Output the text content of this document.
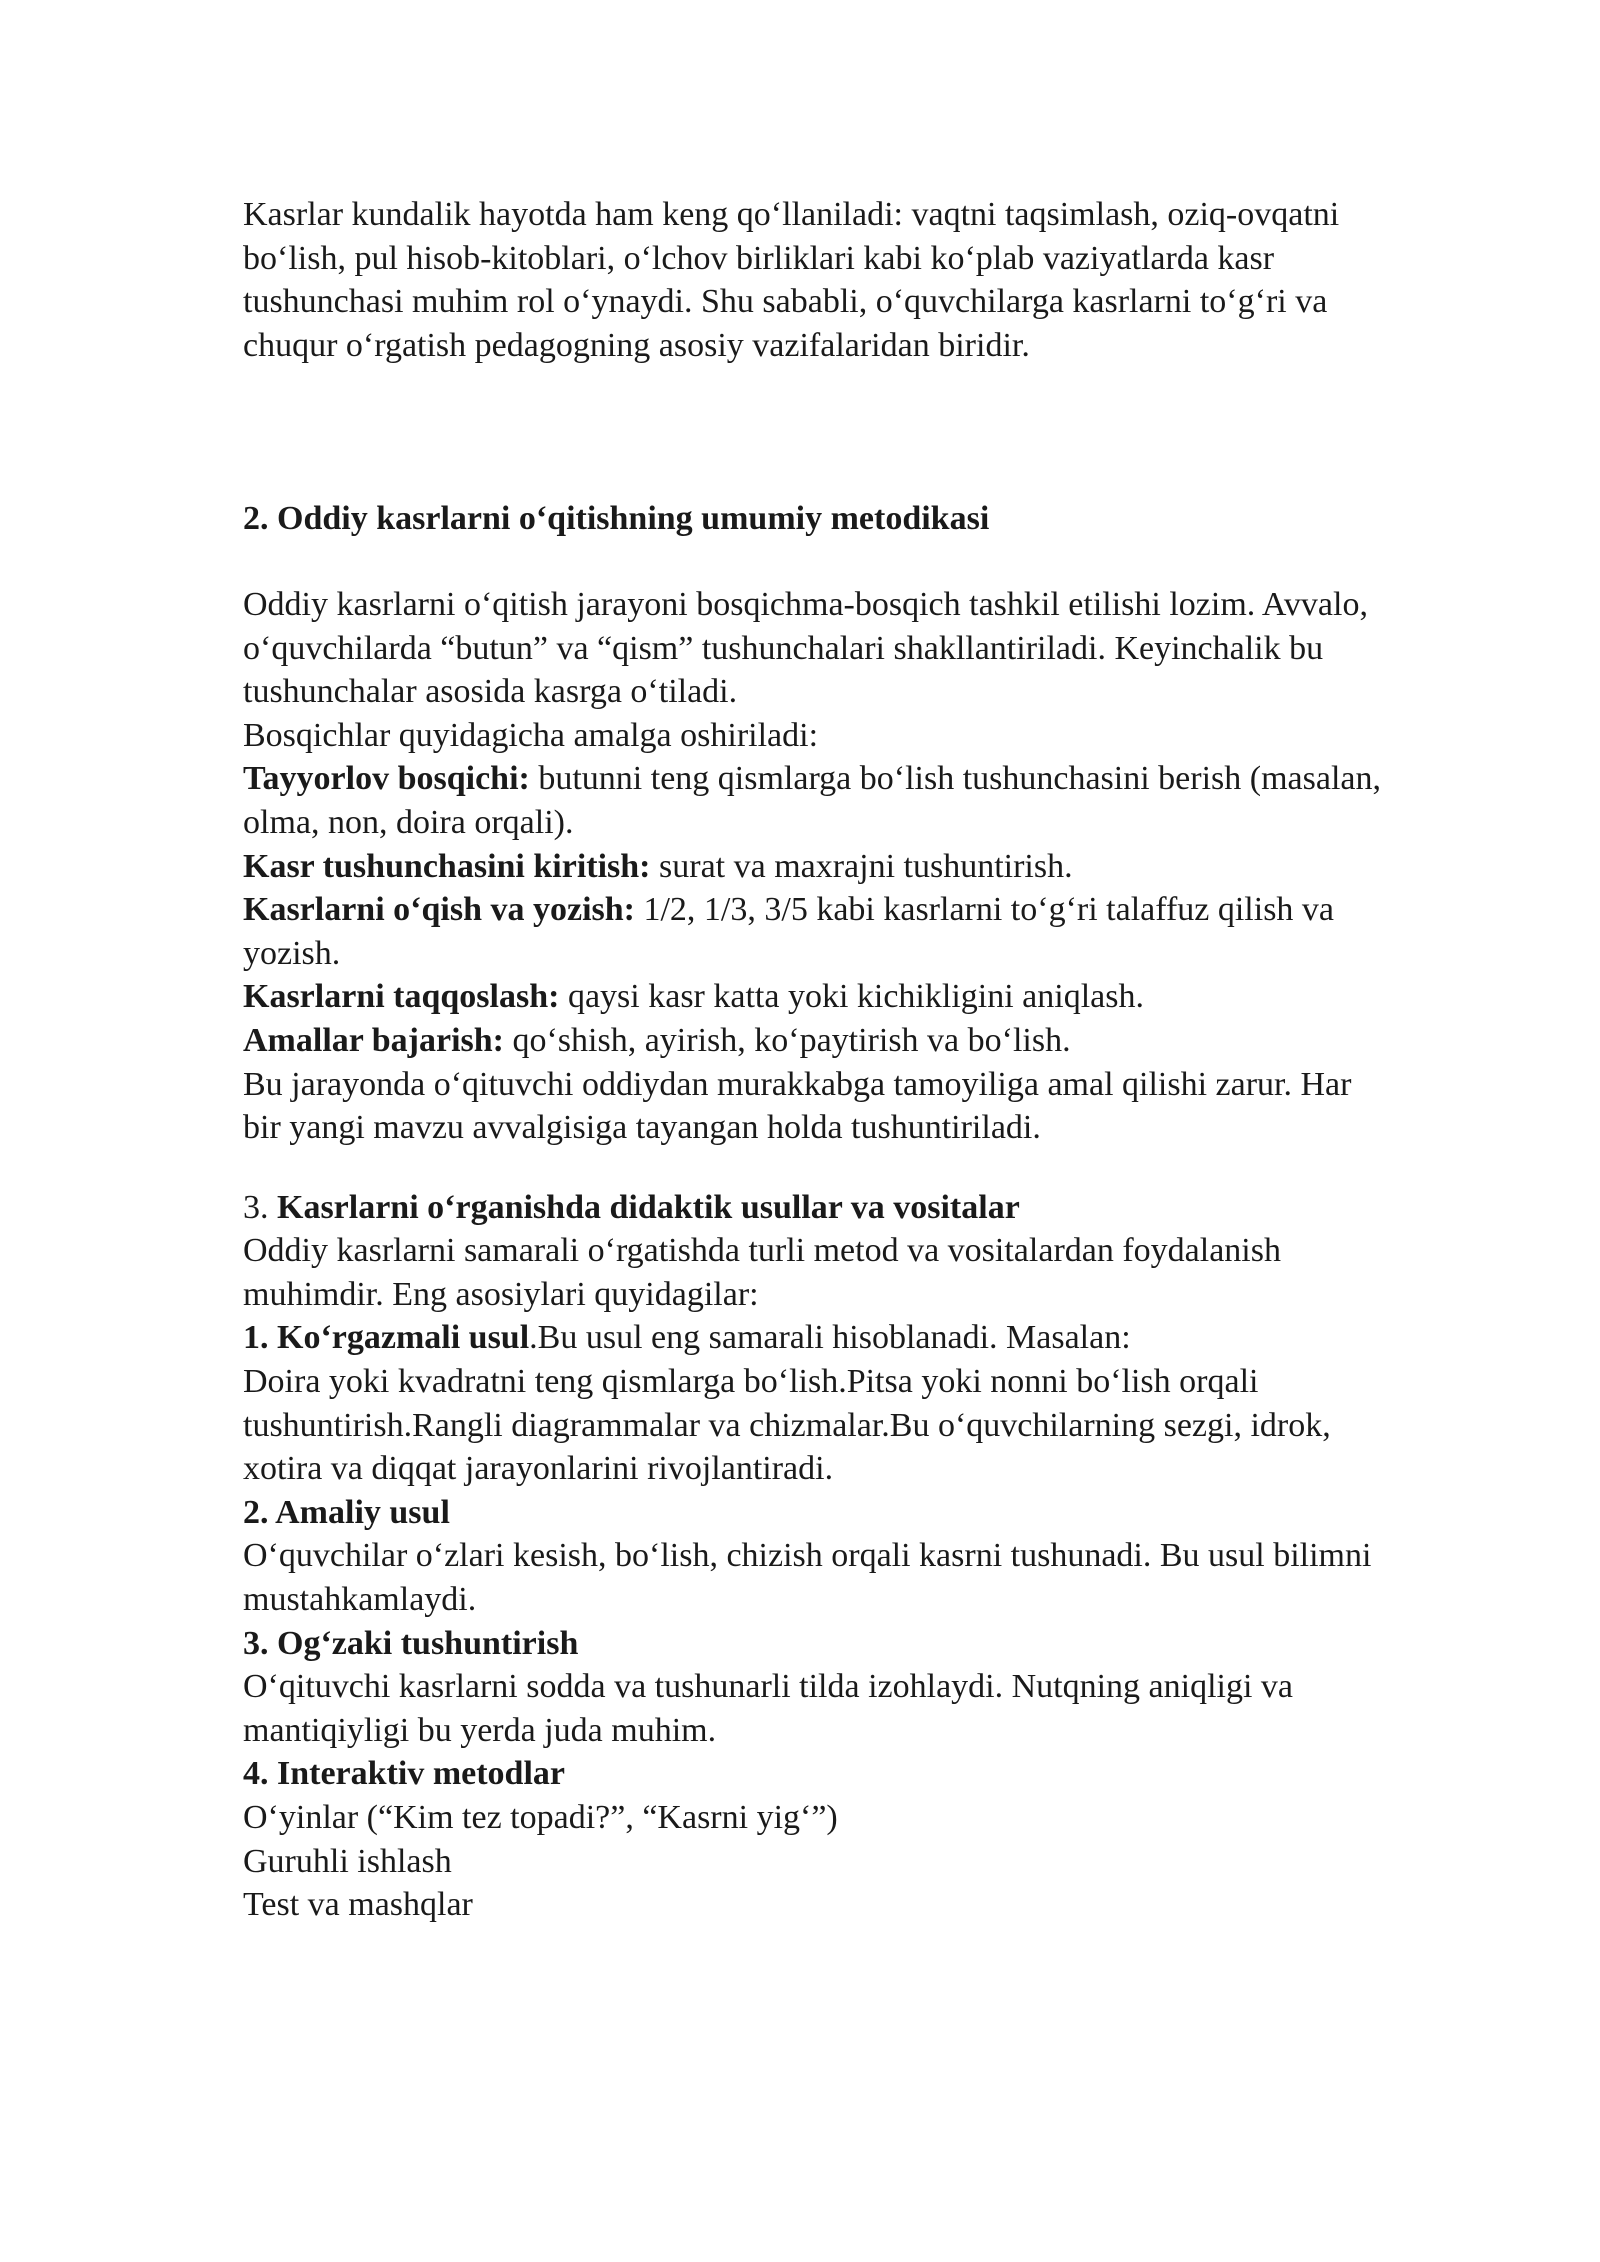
Kasrlar kundalik hayotda ham keng qo‘llaniladi: vaqtni taqsimlash, oziq-ovqatni bo‘lish, pul hisob-kitoblari, o‘lchov birliklari kabi ko‘plab vaziyatlarda kasr tushunchasi muhim rol o‘ynaydi. Shu sababli, o‘quvchilarga kasrlarni to‘g‘ri va chuqur o‘rgatish pedagogning asosiy vazifalaridan biridir.

2. Oddiy kasrlarni o‘qitishning umumiy metodikasi

Oddiy kasrlarni o‘qitish jarayoni bosqichma-bosqich tashkil etilishi lozim. Avvalo, o‘quvchilarda “butun” va “qism” tushunchalari shakllantiriladi. Keyinchalik bu tushunchalar asosida kasrga o‘tiladi.

Bosqichlar quyidagicha amalga oshiriladi:

Tayyorlov bosqichi: butunni teng qismlarga bo‘lish tushunchasini berish (masalan, olma, non, doira orqali).

Kasr tushunchasini kiritish: surat va maxrajni tushuntirish.

Kasrlarni o‘qish va yozish: 1/2, 1/3, 3/5 kabi kasrlarni to‘g‘ri talaffuz qilish va yozish.

Kasrlarni taqqoslash: qaysi kasr katta yoki kichikligini aniqlash.

Amallar bajarish: qo‘shish, ayirish, ko‘paytirish va bo‘lish.

Bu jarayonda o‘qituvchi oddiydan murakkabga tamoyiliga amal qilishi zarur. Har bir yangi mavzu avvalgisiga tayangan holda tushuntiriladi.

3. Kasrlarni o‘rganishda didaktik usullar va vositalar

Oddiy kasrlarni samarali o‘rgatishda turli metod va vositalardan foydalanish muhimdir. Eng asosiylari quyidagilar:

1. Ko‘rgazmali usul.Bu usul eng samarali hisoblanadi. Masalan:

Doira yoki kvadratni teng qismlarga bo‘lish.Pitsa yoki nonni bo‘lish orqali tushuntirish.Rangli diagrammalar va chizmalar.Bu o‘quvchilarning sezgi, idrok, xotira va diqqat jarayonlarini rivojlantiradi.

2. Amaliy usul

O‘quvchilar o‘zlari kesish, bo‘lish, chizish orqali kasrni tushunadi. Bu usul bilimni mustahkamlaydi.

3. Og‘zaki tushuntirish

O‘qituvchi kasrlarni sodda va tushunarli tilda izohlaydi. Nutqning aniqligi va mantiqiyligi bu yerda juda muhim.

4. Interaktiv metodlar

O‘yinlar (“Kim tez topadi?”, “Kasrni yig‘”)

Guruhli ishlash

Test va mashqlar
